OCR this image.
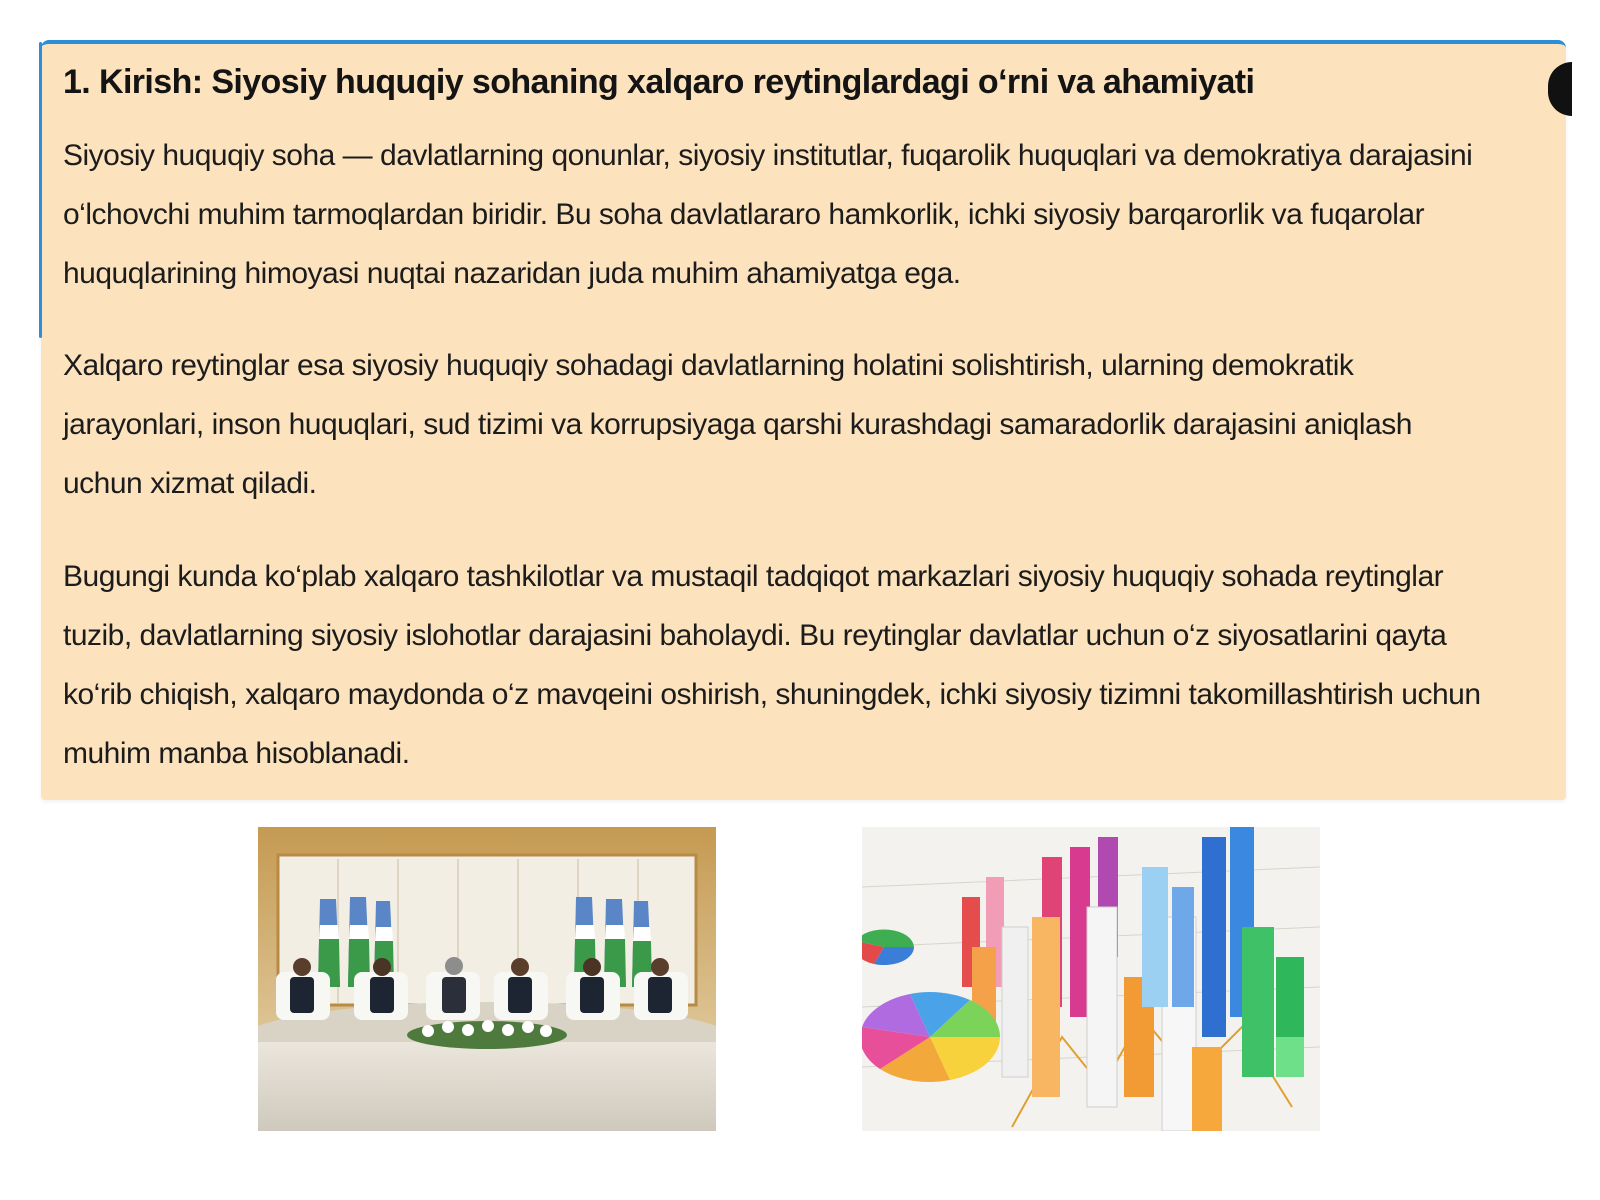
1. Kirish: Siyosiy huquqiy sohaning xalqaro reytinglardagi o‘rni va ahamiyati

Siyosiy huquqiy soha — davlatlarning qonunlar, siyosiy institutlar, fuqarolik huquqlari va demokratiya darajasini o‘lchovchi muhim tarmoqlardan biridir. Bu soha davlatlararo hamkorlik, ichki siyosiy barqarorlik va fuqarolar huquqlarining himoyasi nuqtai nazaridan juda muhim ahamiyatga ega.

Xalqaro reytinglar esa siyosiy huquqiy sohadagi davlatlarning holatini solishtirish, ularning demokratik jarayonlari, inson huquqlari, sud tizimi va korrupsiyaga qarshi kurashdagi samaradorlik darajasini aniqlash uchun xizmat qiladi.

Bugungi kunda ko‘plab xalqaro tashkilotlar va mustaqil tadqiqot markazlari siyosiy huquqiy sohada reytinglar tuzib, davlatlarning siyosiy islohotlar darajasini baholaydi. Bu reytinglar davlatlar uchun o‘z siyosatlarini qayta ko‘rib chiqish, xalqaro maydonda o‘z mavqeini oshirish, shuningdek, ichki siyosiy tizimni takomillashtirish uchun muhim manba hisoblanadi.
